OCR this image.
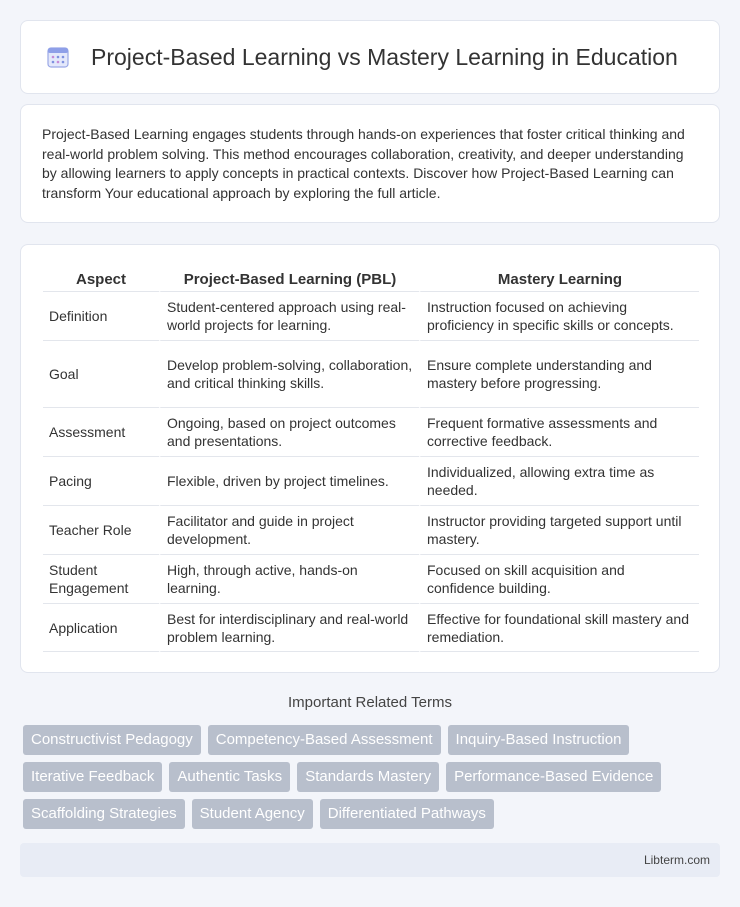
Project-Based Learning vs Mastery Learning in Education

Project-Based Learning engages students through hands-on experiences that foster critical thinking and real-world problem solving. This method encourages collaboration, creativity, and deeper understanding by allowing learners to apply concepts in practical contexts. Discover how Project-Based Learning can transform Your educational approach by exploring the full article.

Aspect	Project-Based Learning (PBL)	Mastery Learning
Definition	Student-centered approach using real-world projects for learning.	Instruction focused on achieving proficiency in specific skills or concepts.
Goal	Develop problem-solving, collaboration, and critical thinking skills.	Ensure complete understanding and mastery before progressing.
Assessment	Ongoing, based on project outcomes and presentations.	Frequent formative assessments and corrective feedback.
Pacing	Flexible, driven by project timelines.	Individualized, allowing extra time as needed.
Teacher Role	Facilitator and guide in project development.	Instructor providing targeted support until mastery.
Student Engagement	High, through active, hands-on learning.	Focused on skill acquisition and confidence building.
Application	Best for interdisciplinary and real-world problem learning.	Effective for foundational skill mastery and remediation.
Important Related Terms
Constructivist Pedagogy	Competency-Based Assessment	Inquiry-Based Instruction
Iterative Feedback	Authentic Tasks	Standards Mastery	Performance-Based Evidence
Scaffolding Strategies	Student Agency	Differentiated Pathways
Libterm.com
